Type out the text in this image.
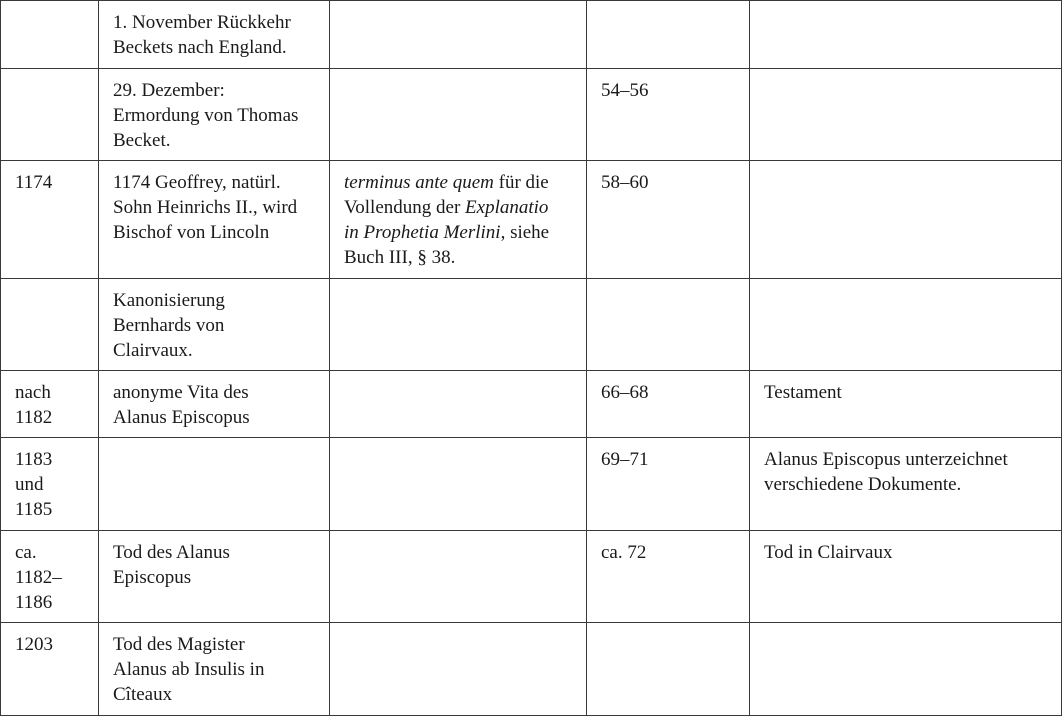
	1. November Rückkehr
Beckets nach England.			

	29. Dezember:
Ermordung von Thomas
Becket.		54–56	

1174	1174 Geoffrey, natürl.
Sohn Heinrichs II., wird
Bischof von Lincoln	terminus ante quem für die
Vollendung der Explanatio
in Prophetia Merlini, siehe
Buch III, § 38.	58–60	

	Kanonisierung
Bernhards von
Clairvaux.			

nach
1182	anonyme Vita des
Alanus Episcopus		66–68	Testament

1183
und
1185			69–71	Alanus Episcopus unterzeichnet
verschiedene Dokumente.

ca.
1182–
1186	Tod des Alanus
Episcopus		ca. 72	Tod in Clairvaux

1203	Tod des Magister
Alanus ab Insulis in
Cîteaux			
